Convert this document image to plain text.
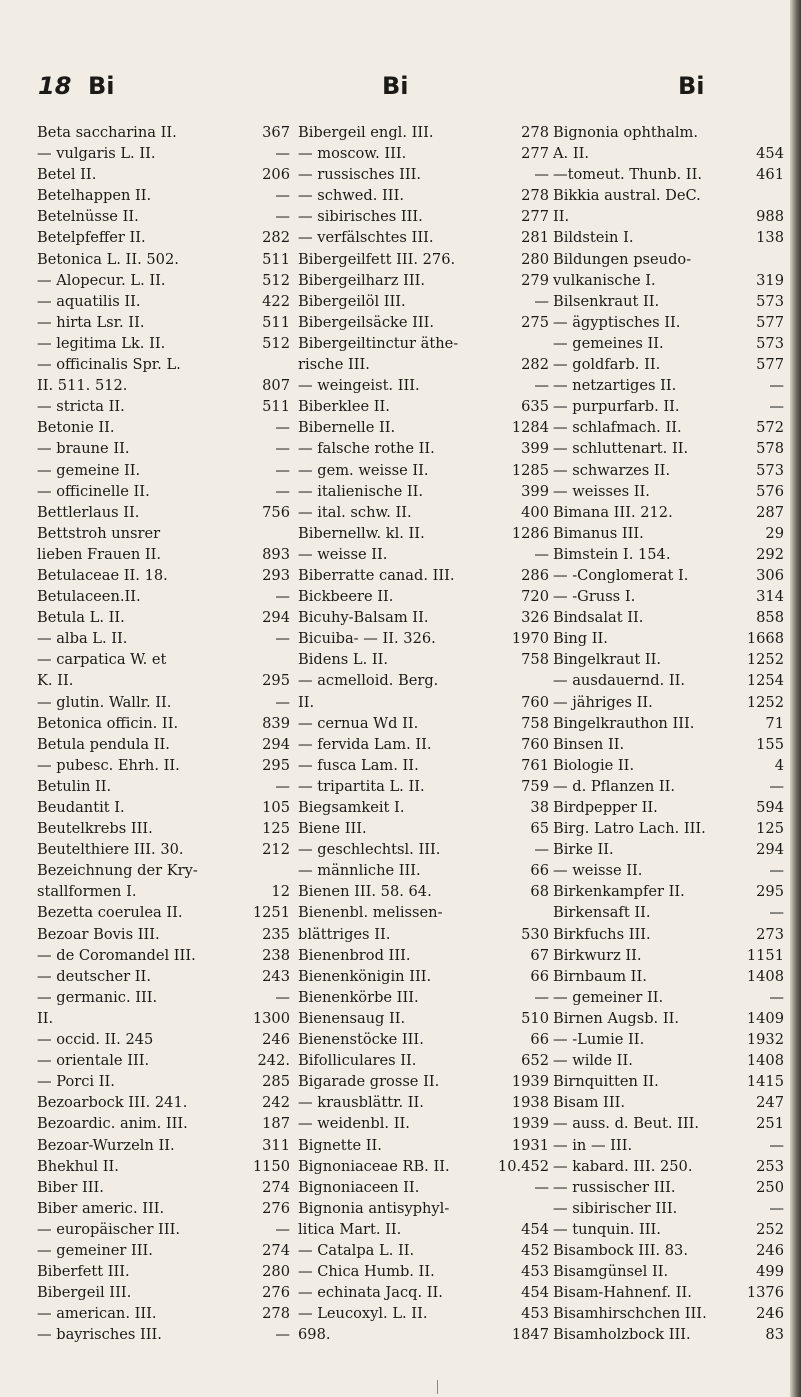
18 Bi	Bi	Bi
Beta saccharina II.	367
— vulgaris L. II.	—
Betel II.	206
Betelhappen II.	—
Betelnüsse II.	—
Betelpfeffer II.	282
Betonica L. II. 502.	511
— Alopecur. L. II.	512
— aquatilis II.	422
— hirta Lsr. II.	511
— legitima Lk. II.	512
— officinalis Spr. L.
II. 511. 512.	807
— stricta II.	511
Betonie II.	—
— braune II.	—
— gemeine II.	—
— officinelle II.	—
Bettlerlaus II.	756
Bettstroh unsrer
lieben Frauen II.	893
Betulaceae II. 18.	293
Betulaceen.II.	—
Betula L. II.	294
— alba L. II.	—
— carpatica W. et
K. II.	295
— glutin. Wallr. II.	—
Betonica officin. II.	839
Betula pendula II.	294
— pubesc. Ehrh. II.	295
Betulin II.	—
Beudantit I.	105
Beutelkrebs III.	125
Beutelthiere III. 30.	212
Bezeichnung der Kry-
stallformen I.	12
Bezetta coerulea II.	1251
Bezoar Bovis III.	235
— de Coromandel III.	238
— deutscher II.	243
— germanic. III.	—
II.	1300
— occid. II. 245	246
— orientale III.	242.
— Porci II.	285
Bezoarbock III. 241.	242
Bezoardic. anim. III.	187
Bezoar-Wurzeln II.	311
Bhekhul II.	1150
Biber III.	274
Biber americ. III.	276
— europäischer III.	—
— gemeiner III.	274
Biberfett III.	280
Bibergeil III.	276
— american. III.	278
— bayrisches III.	—
Bibergeil engl. III.	278
— moscow. III.	277
— russisches III.	—
— schwed. III.	278
— sibirisches III.	277
— verfälschtes III.	281
Bibergeilfett III. 276.	280
Bibergeilharz III.	279
Bibergeilöl III.	—
Bibergeilsäcke III.	275
Bibergeiltinctur äthe-
rische III.	282
— weingeist. III.	—
Biberklee II.	635
Bibernelle II.	1284
— falsche rothe II.	399
— gem. weisse II.	1285
— italienische II.	399
— ital. schw. II.	400
Bibernellw. kl. II.	1286
— weisse II.	—
Biberratte canad. III.	286
Bickbeere II.	720
Bicuhy-Balsam II.	326
Bicuiba- — II. 326.	1970
Bidens L. II.	758
— acmelloid. Berg.
II.	760
— cernua Wd II.	758
— fervida Lam. II.	760
— fusca Lam. II.	761
— tripartita L. II.	759
Biegsamkeit I.	38
Biene III.	65
— geschlechtsl. III.	—
— männliche III.	66
Bienen III. 58. 64.	68
Bienenbl. melissen-
blättriges II.	530
Bienenbrod III.	67
Bienenkönigin III.	66
Bienenkörbe III.	—
Bienensaug II.	510
Bienenstöcke III.	66
Bifolliculares II.	652
Bigarade grosse II.	1939
— krausblättr. II.	1938
— weidenbl. II.	1939
Bignette II.	1931
Bignoniaceae RB. II.	10.452
Bignoniaceen II.	—
Bignonia antisyphyl-
litica Mart. II.	454
— Catalpa L. II.	452
— Chica Humb. II.	453
— echinata Jacq. II.	454
— Leucoxyl. L. II.	453
698.	1847
Bignonia ophthalm.
A. II.	454
—tomeut. Thunb. II.	461
Bikkia austral. DeC.
II.	988
Bildstein I.	138
Bildungen pseudo-
vulkanische I.	319
Bilsenkraut II.	573
— ägyptisches II.	577
— gemeines II.	573
— goldfarb. II.	577
— netzartiges II.	—
— purpurfarb. II.	—
— schlafmach. II.	572
— schluttenart. II.	578
— schwarzes II.	573
— weisses II.	576
Bimana III. 212.	287
Bimanus III.	29
Bimstein I. 154.	292
— -Conglomerat I.	306
— -Gruss I.	314
Bindsalat II.	858
Bing II.	1668
Bingelkraut II.	1252
— ausdauernd. II.	1254
— jähriges II.	1252
Bingelkrauthon III.	71
Binsen II.	155
Biologie II.	4
— d. Pflanzen II.	—
Birdpepper II.	594
Birg. Latro Lach. III.	125
Birke II.	294
— weisse II.	—
Birkenkampfer II.	295
Birkensaft II.	—
Birkfuchs III.	273
Birkwurz II.	1151
Birnbaum II.	1408
— gemeiner II.	—
Birnen Augsb. II.	1409
— -Lumie II.	1932
— wilde II.	1408
Birnquitten II.	1415
Bisam III.	247
— auss. d. Beut. III.	251
— in — III.	—
— kabard. III. 250.	253
— russischer III.	250
— sibirischer III.	—
— tunquin. III.	252
Bisambock III. 83.	246
Bisamgünsel II.	499
Bisam-Hahnenf. II.	1376
Bisamhirschchen III.	246
Bisamholzbock III.	83
